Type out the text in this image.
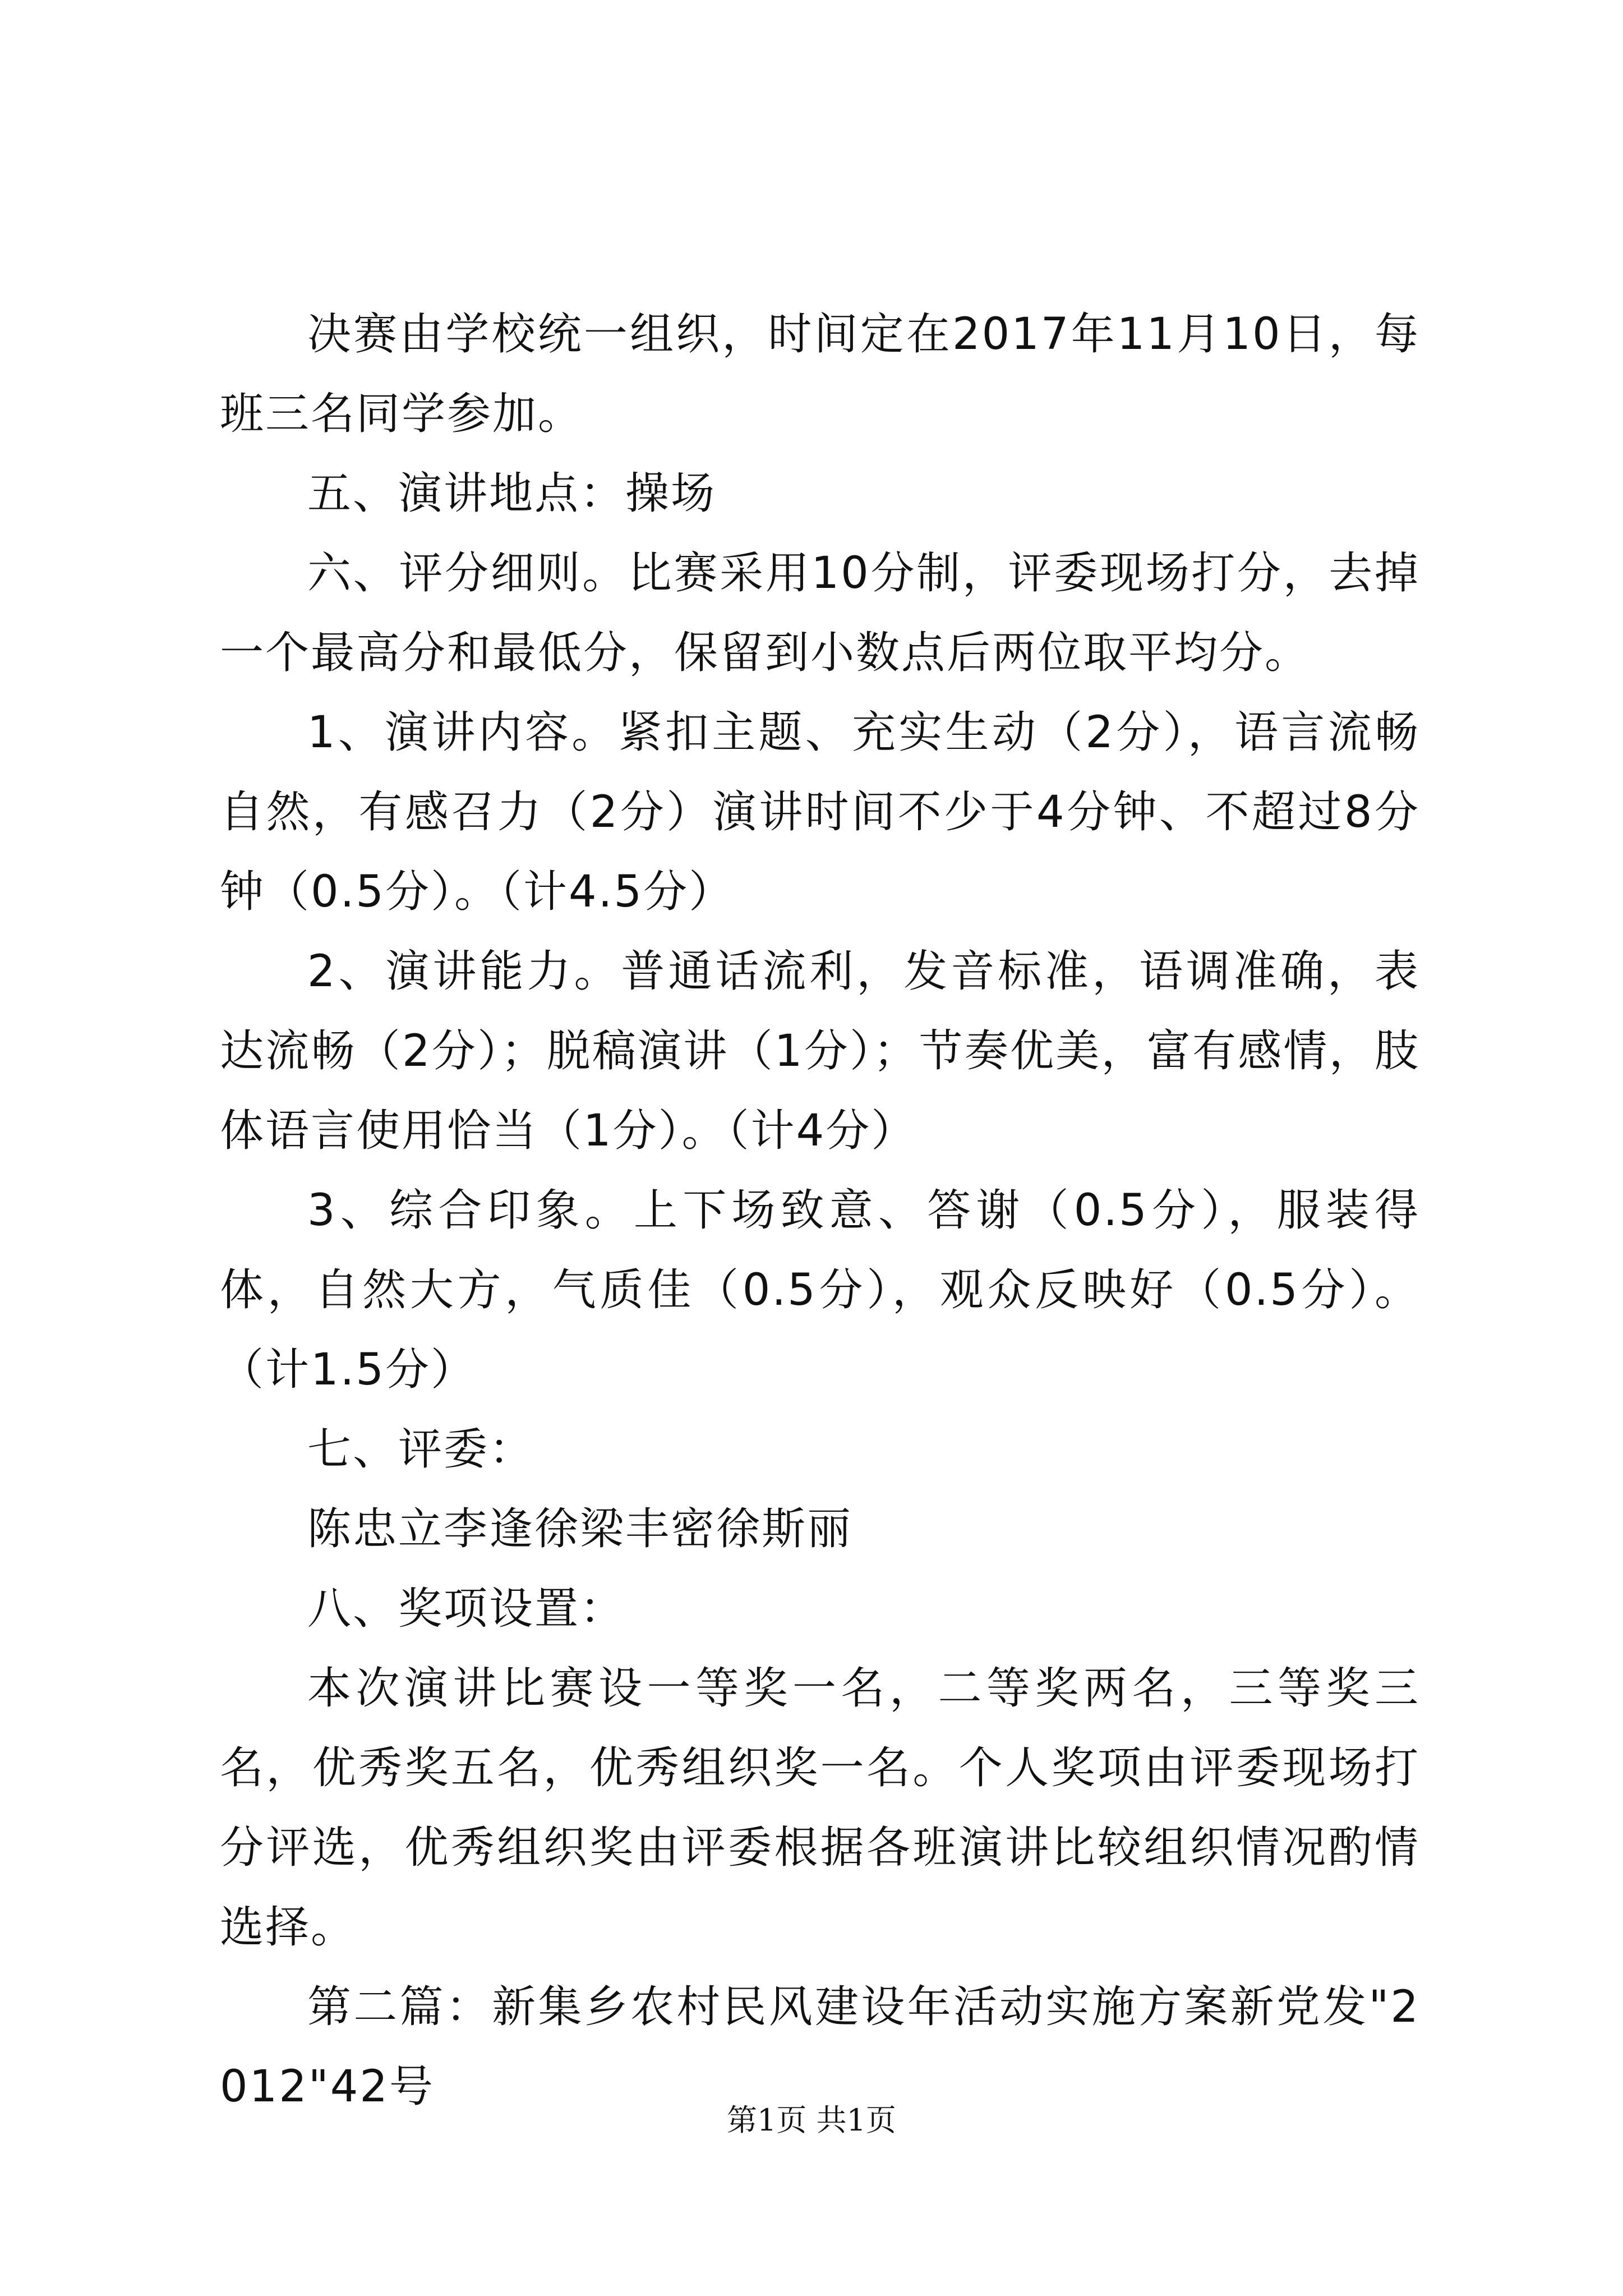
决赛由学校统一组织，时间定在2017年11月10日，每班三名同学参加。

五、演讲地点：操场

六、评分细则。比赛采用10分制，评委现场打分，去掉一个最高分和最低分，保留到小数点后两位取平均分。

1、演讲内容。紧扣主题、充实生动（2分），语言流畅自然，有感召力（2分）演讲时间不少于4分钟、不超过8分钟（0.5分）。（计4.5分）

2、演讲能力。普通话流利，发音标准，语调准确，表达流畅（2分）；脱稿演讲（1分）；节奏优美，富有感情，肢体语言使用恰当（1分）。（计4分）

3、综合印象。上下场致意、答谢（0.5分），服装得体，自然大方，气质佳（0.5分），观众反映好（0.5分）。（计1.5分）

七、评委：

陈忠立李逢徐梁丰密徐斯丽

八、奖项设置：

本次演讲比赛设一等奖一名，二等奖两名，三等奖三名，优秀奖五名，优秀组织奖一名。个人奖项由评委现场打分评选，优秀组织奖由评委根据各班演讲比较组织情况酌情选择。

第二篇：新集乡农村民风建设年活动实施方案新党发"2012"42号

第1页 共1页
